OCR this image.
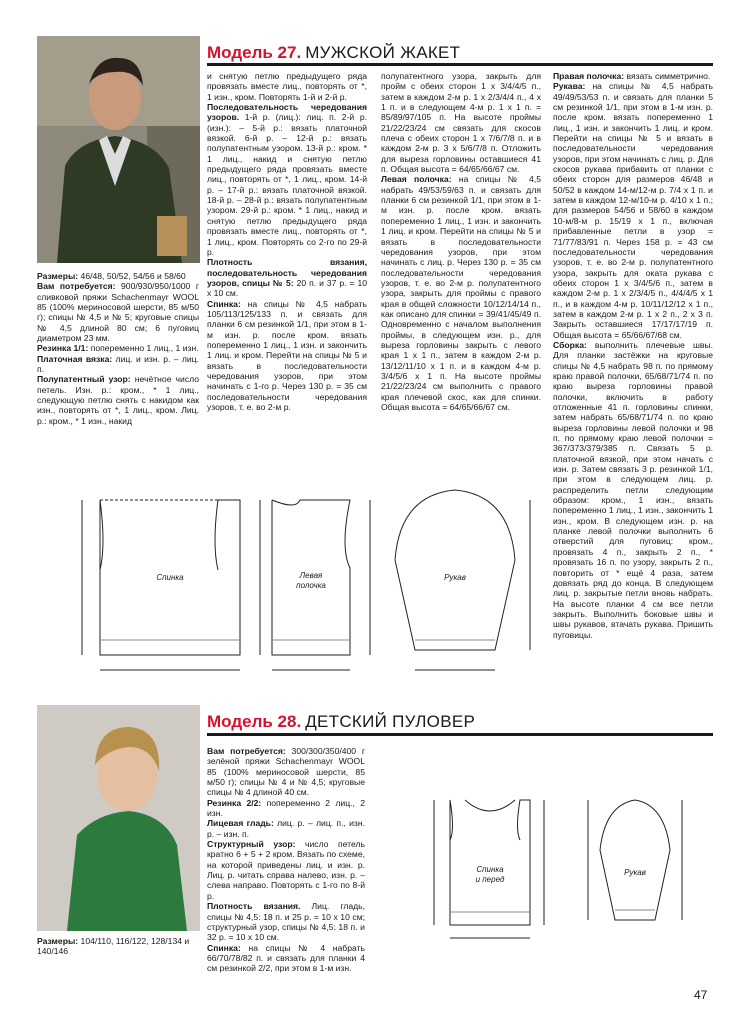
Модель 27. МУЖСКОЙ ЖАКЕТ

Размеры: 46/48, 50/52, 54/56 и 58/60

Вам потребуется: 900/930/950/1000 г сливковой пряжи Schachenmayr WOOL 85 (100% мериносовой шерсти, 85 м/50 г); спицы № 4,5 и № 5; круговые спицы № 4,5 длиной 80 см; 6 пуговиц диаметром 23 мм.

Резинка 1/1: попеременно 1 лиц., 1 изн.

Платочная вязка: лиц. и изн. р. – лиц. п.

Полупатентный узор: нечётное число петель. Изн. р.: кром., * 1 лиц., следующую петлю снять с накидом как изн., повторять от *, 1 лиц., кром. Лиц. р.: кром., * 1 изн., накид

и снятую петлю предыдущего ряда провязать вместе лиц., повторять от *, 1 изн., кром. Повторять 1-й и 2-й р.

Последовательность чередования узоров. 1-й р. (лиц.): лиц. п. 2-й р. (изн.): – 5-й р.: вязать платочной вязкой. 6-й р. – 12-й р.: вязать полупатентным узором. 13-й р.: кром. * 1 лиц., накид и снятую петлю предыдущего ряда провязать вместе лиц., повторять от *, 1 лиц., кром. 14-й р. – 17-й р.: вязать платочной вязкой. 18-й р. – 28-й р.: вязать полупатентным узором. 29-й р.: кром. * 1 лиц., накид и снятую петлю предыдущего ряда провязать вместе лиц., повторять от *, 1 лиц., кром. Повторять со 2-го по 29-й р.

Плотность вязания, последовательность чередования узоров, спицы № 5: 20 п. и 37 р. = 10 х 10 см.

Спинка: на спицы № 4,5 набрать 105/113/125/133 п. и связать для планки 6 см резинкой 1/1, при этом в 1-м изн. р. после кром. вязать попеременно 1 лиц., 1 изн. и закончить 1 лиц. и кром. Перейти на спицы № 5 и вязать в последовательности чередования узоров, при этом начинать с 1-го р. Через 130 р. = 35 см последовательности чередования узоров, т. е. во 2-м р.

полупатентного узора, закрыть для пройм с обеих сторон 1 х 3/4/4/5 п., затем в каждом 2-м р. 1 х 2/3/4/4 п., 4 х 1 п. и в следующем 4-м р. 1 х 1 п. = 85/89/97/105 п. На высоте проймы 21/22/23/24 см связать для скосов плеча с обеих сторон 1 х 7/6/7/8 п. и в каждом 2-м р. 3 х 5/6/7/8 п. Отложить для выреза горловины оставшиеся 41 п. Общая высота = 64/65/66/67 см.

Левая полочка: на спицы № 4,5 набрать 49/53/59/63 п. и связать для планки 6 см резинкой 1/1, при этом в 1-м изн. р. после кром. вязать попеременно 1 лиц., 1 изн. и закончить 1 лиц. и кром. Перейти на спицы № 5 и вязать в последовательности чередования узоров, при этом начинать с лиц. р. Через 130 р. = 35 см последовательности чередования узоров, т. е. во 2-м р. полупатентного узора, закрыть для проймы с правого края в общей сложности 10/12/14/14 п., как описано для спинки = 39/41/45/49 п. Одновременно с началом выполнения проймы, в следующем изн. р., для выреза горловины закрыть с левого края 1 х 1 п., затем в каждом 2-м р. 13/12/11/10 х 1 п. и в каждом 4-м р. 3/4/5/6 х 1 п. На высоте проймы 21/22/23/24 см выполнить с правого края плечевой скос, как для спинки. Общая высота = 64/65/66/67 см.

Правая полочка: вязать симметрично.

Рукава: на спицы № 4,5 набрать 49/49/53/53 п. и связать для планки 5 см резинкой 1/1, при этом в 1-м изн. р. после кром. вязать попеременно 1 лиц., 1 изн. и закончить 1 лиц. и кром. Перейти на спицы № 5 и вязать в последовательности чередования узоров, при этом начинать с лиц. р. Для скосов рукава прибавить от планки с обеих сторон для размеров 46/48 и 50/52 в каждом 14-м/12-м р. 7/4 х 1 п. и затем в каждом 12-м/10-м р. 4/10 х 1 п.; для размеров 54/56 и 58/60 в каждом 10-м/8-м р. 15/19 х 1 п., включая прибавленные петли в узор = 71/77/83/91 п. Через 158 р. = 43 см последовательности чередования узоров, т. е. во 2-м р. полупатентного узора, закрыть для оката рукава с обеих сторон 1 х 3/4/5/6 п., затем в каждом 2-м р. 1 х 2/3/4/5 п., 4/4/4/5 х 1 п., и в каждом 4-м р. 10/11/12/12 х 1 п., затем в каждом 2-м р. 1 х 2 п., 2 х 3 п. Закрыть оставшиеся 17/17/17/19 п. Общая высота = 65/66/67/68 см.

Сборка: выполнить плечевые швы. Для планки застёжки на круговые спицы № 4,5 набрать 98 п. по прямому краю правой полочки, 65/68/71/74 п. по краю выреза горловины правой полочки, включить в работу отложенные 41 п. горловины спинки, затем набрать 65/68/71/74 п. по краю выреза горловины левой полочки и 98 п. по прямому краю левой полочки = 367/373/379/385 п. Связать 5 р. платочной вязкой, при этом начать с изн. р. Затем связать 3 р. резинкой 1/1, при этом в следующем лиц. р. распределить петли следующим образом: кром., 1 изн., вязать попеременно 1 лиц., 1 изн., закончить 1 изн., кром. В следующем изн. р. на планке левой полочки выполнить 6 отверстий для пуговиц: кром., провязать 4 п., закрыть 2 п., * провязать 16 п. по узору, закрыть 2 п., повторить от * ещё 4 раза, затем довязать ряд до конца. В следующем лиц. р. закрытые петли вновь набрать. На высоте планки 4 см все петли закрыть. Выполнить боковые швы и швы рукавов, втачать рукава. Пришить пуговицы.

Спинка	Левая
полочка
Рукав
Модель 28. ДЕТСКИЙ ПУЛОВЕР
Размеры: 104/110, 116/122, 128/134 и 140/146

Вам потребуется: 300/300/350/400 г зелёной пряжи Schachenmayr WOOL 85 (100% мериносовой шерсти, 85 м/50 г); спицы № 4 и № 4,5; круговые спицы № 4 длиной 40 см.

Резинка 2/2: попеременно 2 лиц., 2 изн.

Лицевая гладь: лиц. р. – лиц. п., изн. р. – изн. п.

Структурный узор: число петель кратно 6 + 5 + 2 кром. Вязать по схеме, на которой приведены лиц. и изн. р. Лиц. р. читать справа налево, изн. р. – слева направо. Повторять с 1-го по 8-й р.

Плотность вязания. Лиц. гладь, спицы № 4,5: 18 п. и 25 р. = 10 х 10 см; структурный узор, спицы № 4,5: 18 п. и 32 р. = 10 х 10 см.

Спинка: на спицы № 4 набрать 66/70/78/82 п. и связать для планки 4 см резинкой 2/2, при этом в 1-м изн.

Спинка
и перед
Рукав
47
